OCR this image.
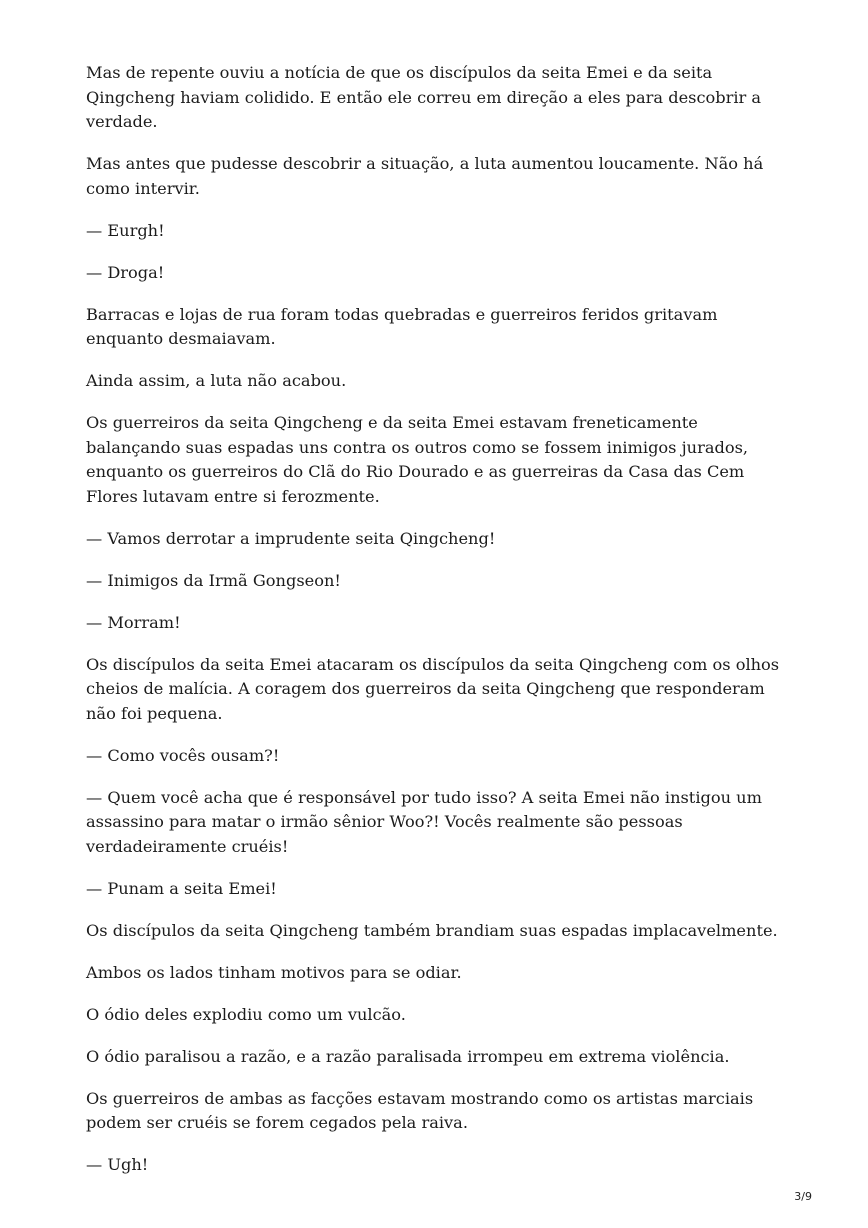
Mas de repente ouviu a notícia de que os discípulos da seita Emei e da seita Qingcheng haviam colidido. E então ele correu em direção a eles para descobrir a verdade.

Mas antes que pudesse descobrir a situação, a luta aumentou loucamente. Não há como intervir.

— Eurgh!

— Droga!

Barracas e lojas de rua foram todas quebradas e guerreiros feridos gritavam enquanto desmaiavam.

Ainda assim, a luta não acabou.

Os guerreiros da seita Qingcheng e da seita Emei estavam freneticamente balançando suas espadas uns contra os outros como se fossem inimigos jurados, enquanto os guerreiros do Clã do Rio Dourado e as guerreiras da Casa das Cem Flores lutavam entre si ferozmente.

— Vamos derrotar a imprudente seita Qingcheng!

— Inimigos da Irmã Gongseon!

— Morram!

Os discípulos da seita Emei atacaram os discípulos da seita Qingcheng com os olhos cheios de malícia. A coragem dos guerreiros da seita Qingcheng que responderam não foi pequena.

— Como vocês ousam?!

— Quem você acha que é responsável por tudo isso? A seita Emei não instigou um assassino para matar o irmão sênior Woo?! Vocês realmente são pessoas verdadeiramente cruéis!

— Punam a seita Emei!

Os discípulos da seita Qingcheng também brandiam suas espadas implacavelmente.

Ambos os lados tinham motivos para se odiar.

O ódio deles explodiu como um vulcão.

O ódio paralisou a razão, e a razão paralisada irrompeu em extrema violência.

Os guerreiros de ambas as facções estavam mostrando como os artistas marciais podem ser cruéis se forem cegados pela raiva.

— Ugh!

3/9
